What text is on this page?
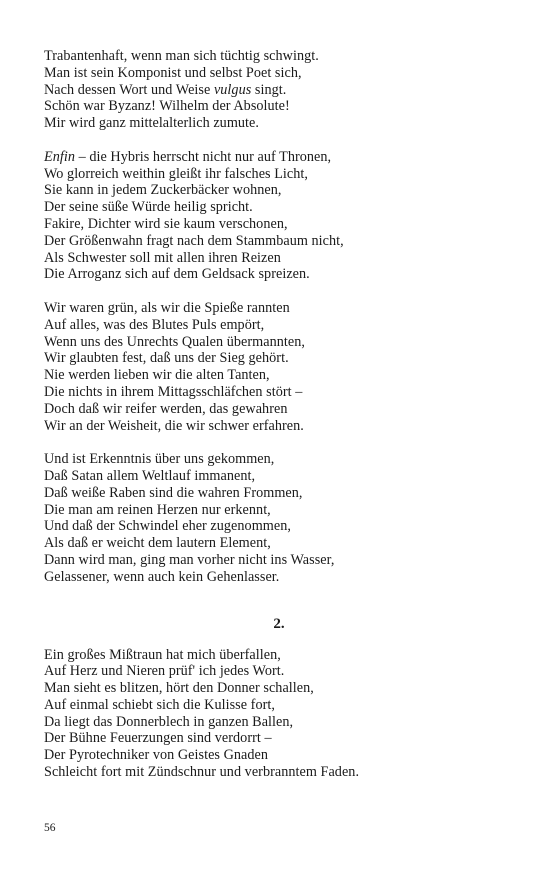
Trabantenhaft, wenn man sich tüchtig schwingt.
Man ist sein Komponist und selbst Poet sich,
Nach dessen Wort und Weise vulgus singt.
Schön war Byzanz! Wilhelm der Absolute!
Mir wird ganz mittelalterlich zumute.
Enfin – die Hybris herrscht nicht nur auf Thronen,
Wo glorreich weithin gleißt ihr falsches Licht,
Sie kann in jedem Zuckerbäcker wohnen,
Der seine süße Würde heilig spricht.
Fakire, Dichter wird sie kaum verschonen,
Der Größenwahn fragt nach dem Stammbaum nicht,
Als Schwester soll mit allen ihren Reizen
Die Arroganz sich auf dem Geldsack spreizen.
Wir waren grün, als wir die Spieße rannten
Auf alles, was des Blutes Puls empört,
Wenn uns des Unrechts Qualen übermannten,
Wir glaubten fest, daß uns der Sieg gehört.
Nie werden lieben wir die alten Tanten,
Die nichts in ihrem Mittagsschläfchen stört –
Doch daß wir reifer werden, das gewahren
Wir an der Weisheit, die wir schwer erfahren.
Und ist Erkenntnis über uns gekommen,
Daß Satan allem Weltlauf immanent,
Daß weiße Raben sind die wahren Frommen,
Die man am reinen Herzen nur erkennt,
Und daß der Schwindel eher zugenommen,
Als daß er weicht dem lautern Element,
Dann wird man, ging man vorher nicht ins Wasser,
Gelassener, wenn auch kein Gehenlasser.
2.
Ein großes Mißtraun hat mich überfallen,
Auf Herz und Nieren prüf' ich jedes Wort.
Man sieht es blitzen, hört den Donner schallen,
Auf einmal schiebt sich die Kulisse fort,
Da liegt das Donnerblech in ganzen Ballen,
Der Bühne Feuerzungen sind verdorrt –
Der Pyrotechniker von Geistes Gnaden
Schleicht fort mit Zündschnur und verbranntem Faden.
56
